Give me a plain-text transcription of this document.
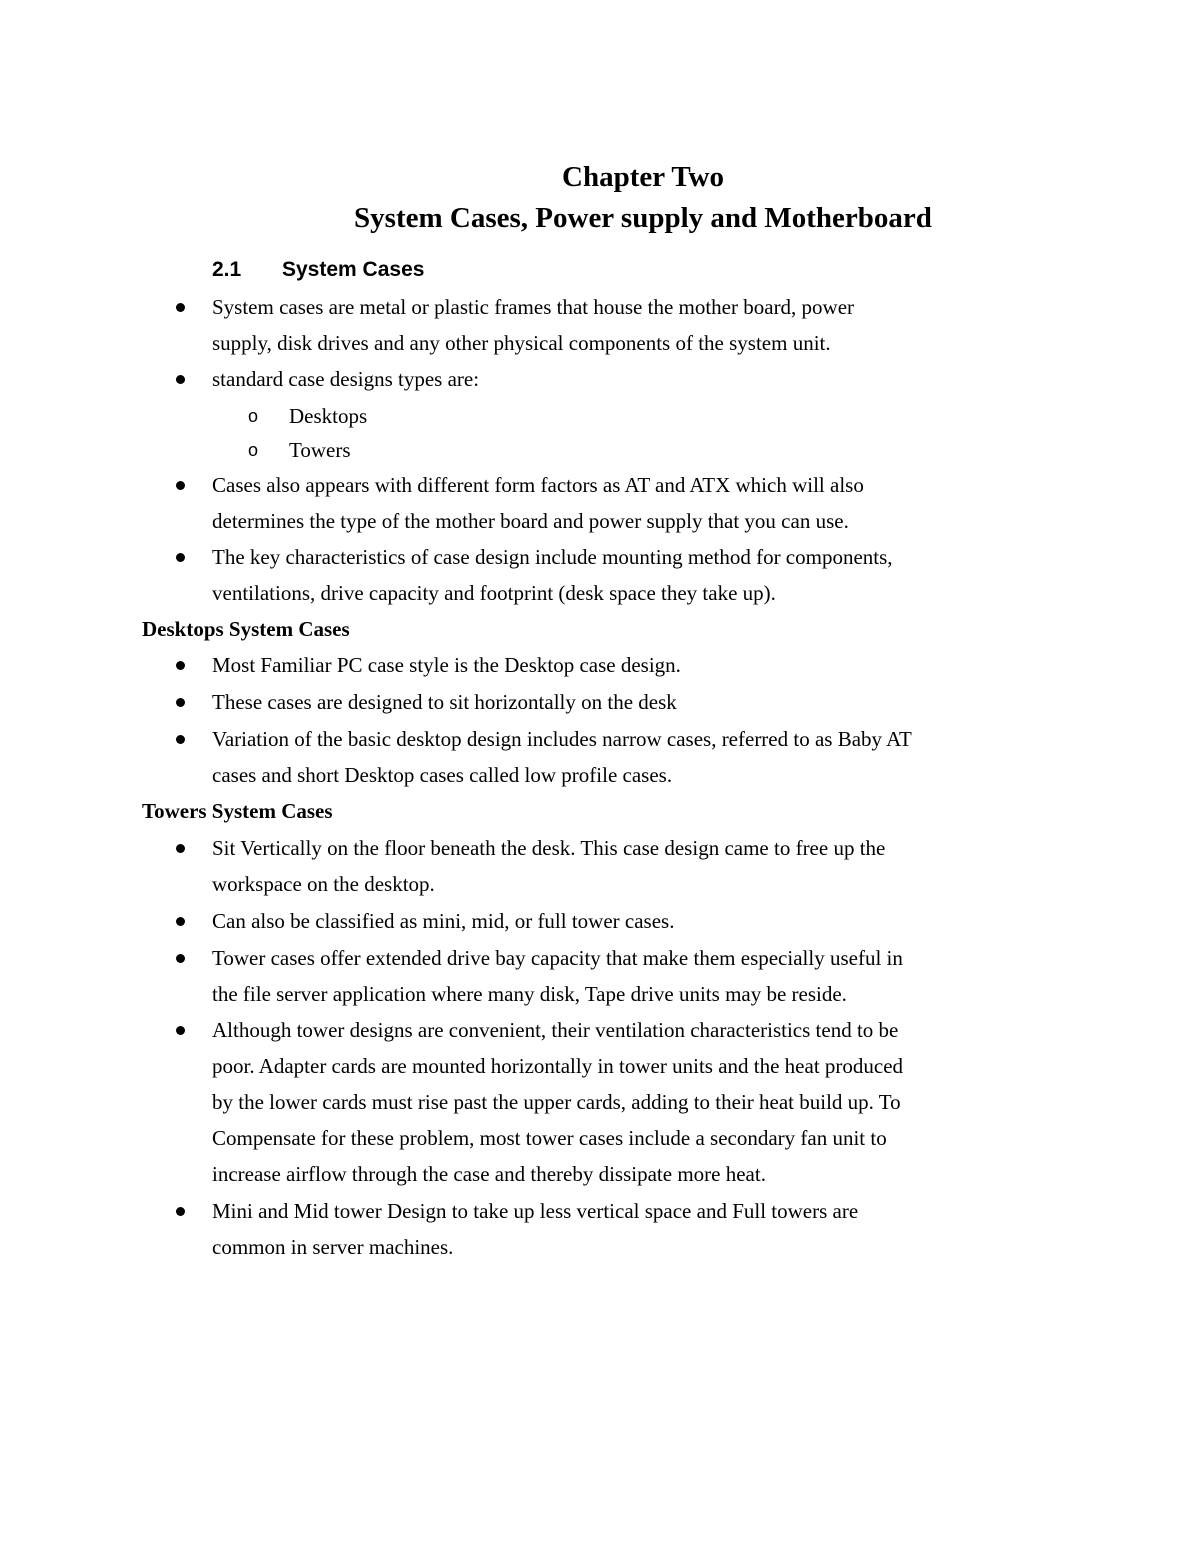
Chapter Two
System Cases, Power supply and Motherboard
2.1 System Cases
System cases are metal or plastic frames that house the mother board, power
supply, disk drives and any other physical components of the system unit.
standard case designs types are:
o Desktops
o Towers
Cases also appears with different form factors as AT and ATX which will also
determines the type of the mother board and power supply that you can use.
The key characteristics of case design include mounting method for components,
ventilations, drive capacity and footprint (desk space they take up).
Desktops System Cases
Most Familiar PC case style is the Desktop case design.
These cases are designed to sit horizontally on the desk
Variation of the basic desktop design includes narrow cases, referred to as Baby AT
cases and short Desktop cases called low profile cases.
Towers System Cases
Sit Vertically on the floor beneath the desk. This case design came to free up the
workspace on the desktop.
Can also be classified as mini, mid, or full tower cases.
Tower cases offer extended drive bay capacity that make them especially useful in
the file server application where many disk, Tape drive units may be reside.
Although tower designs are convenient, their ventilation characteristics tend to be
poor. Adapter cards are mounted horizontally in tower units and the heat produced
by the lower cards must rise past the upper cards, adding to their heat build up. To
Compensate for these problem, most tower cases include a secondary fan unit to
increase airflow through the case and thereby dissipate more heat.
Mini and Mid tower Design to take up less vertical space and Full towers are
common in server machines.
